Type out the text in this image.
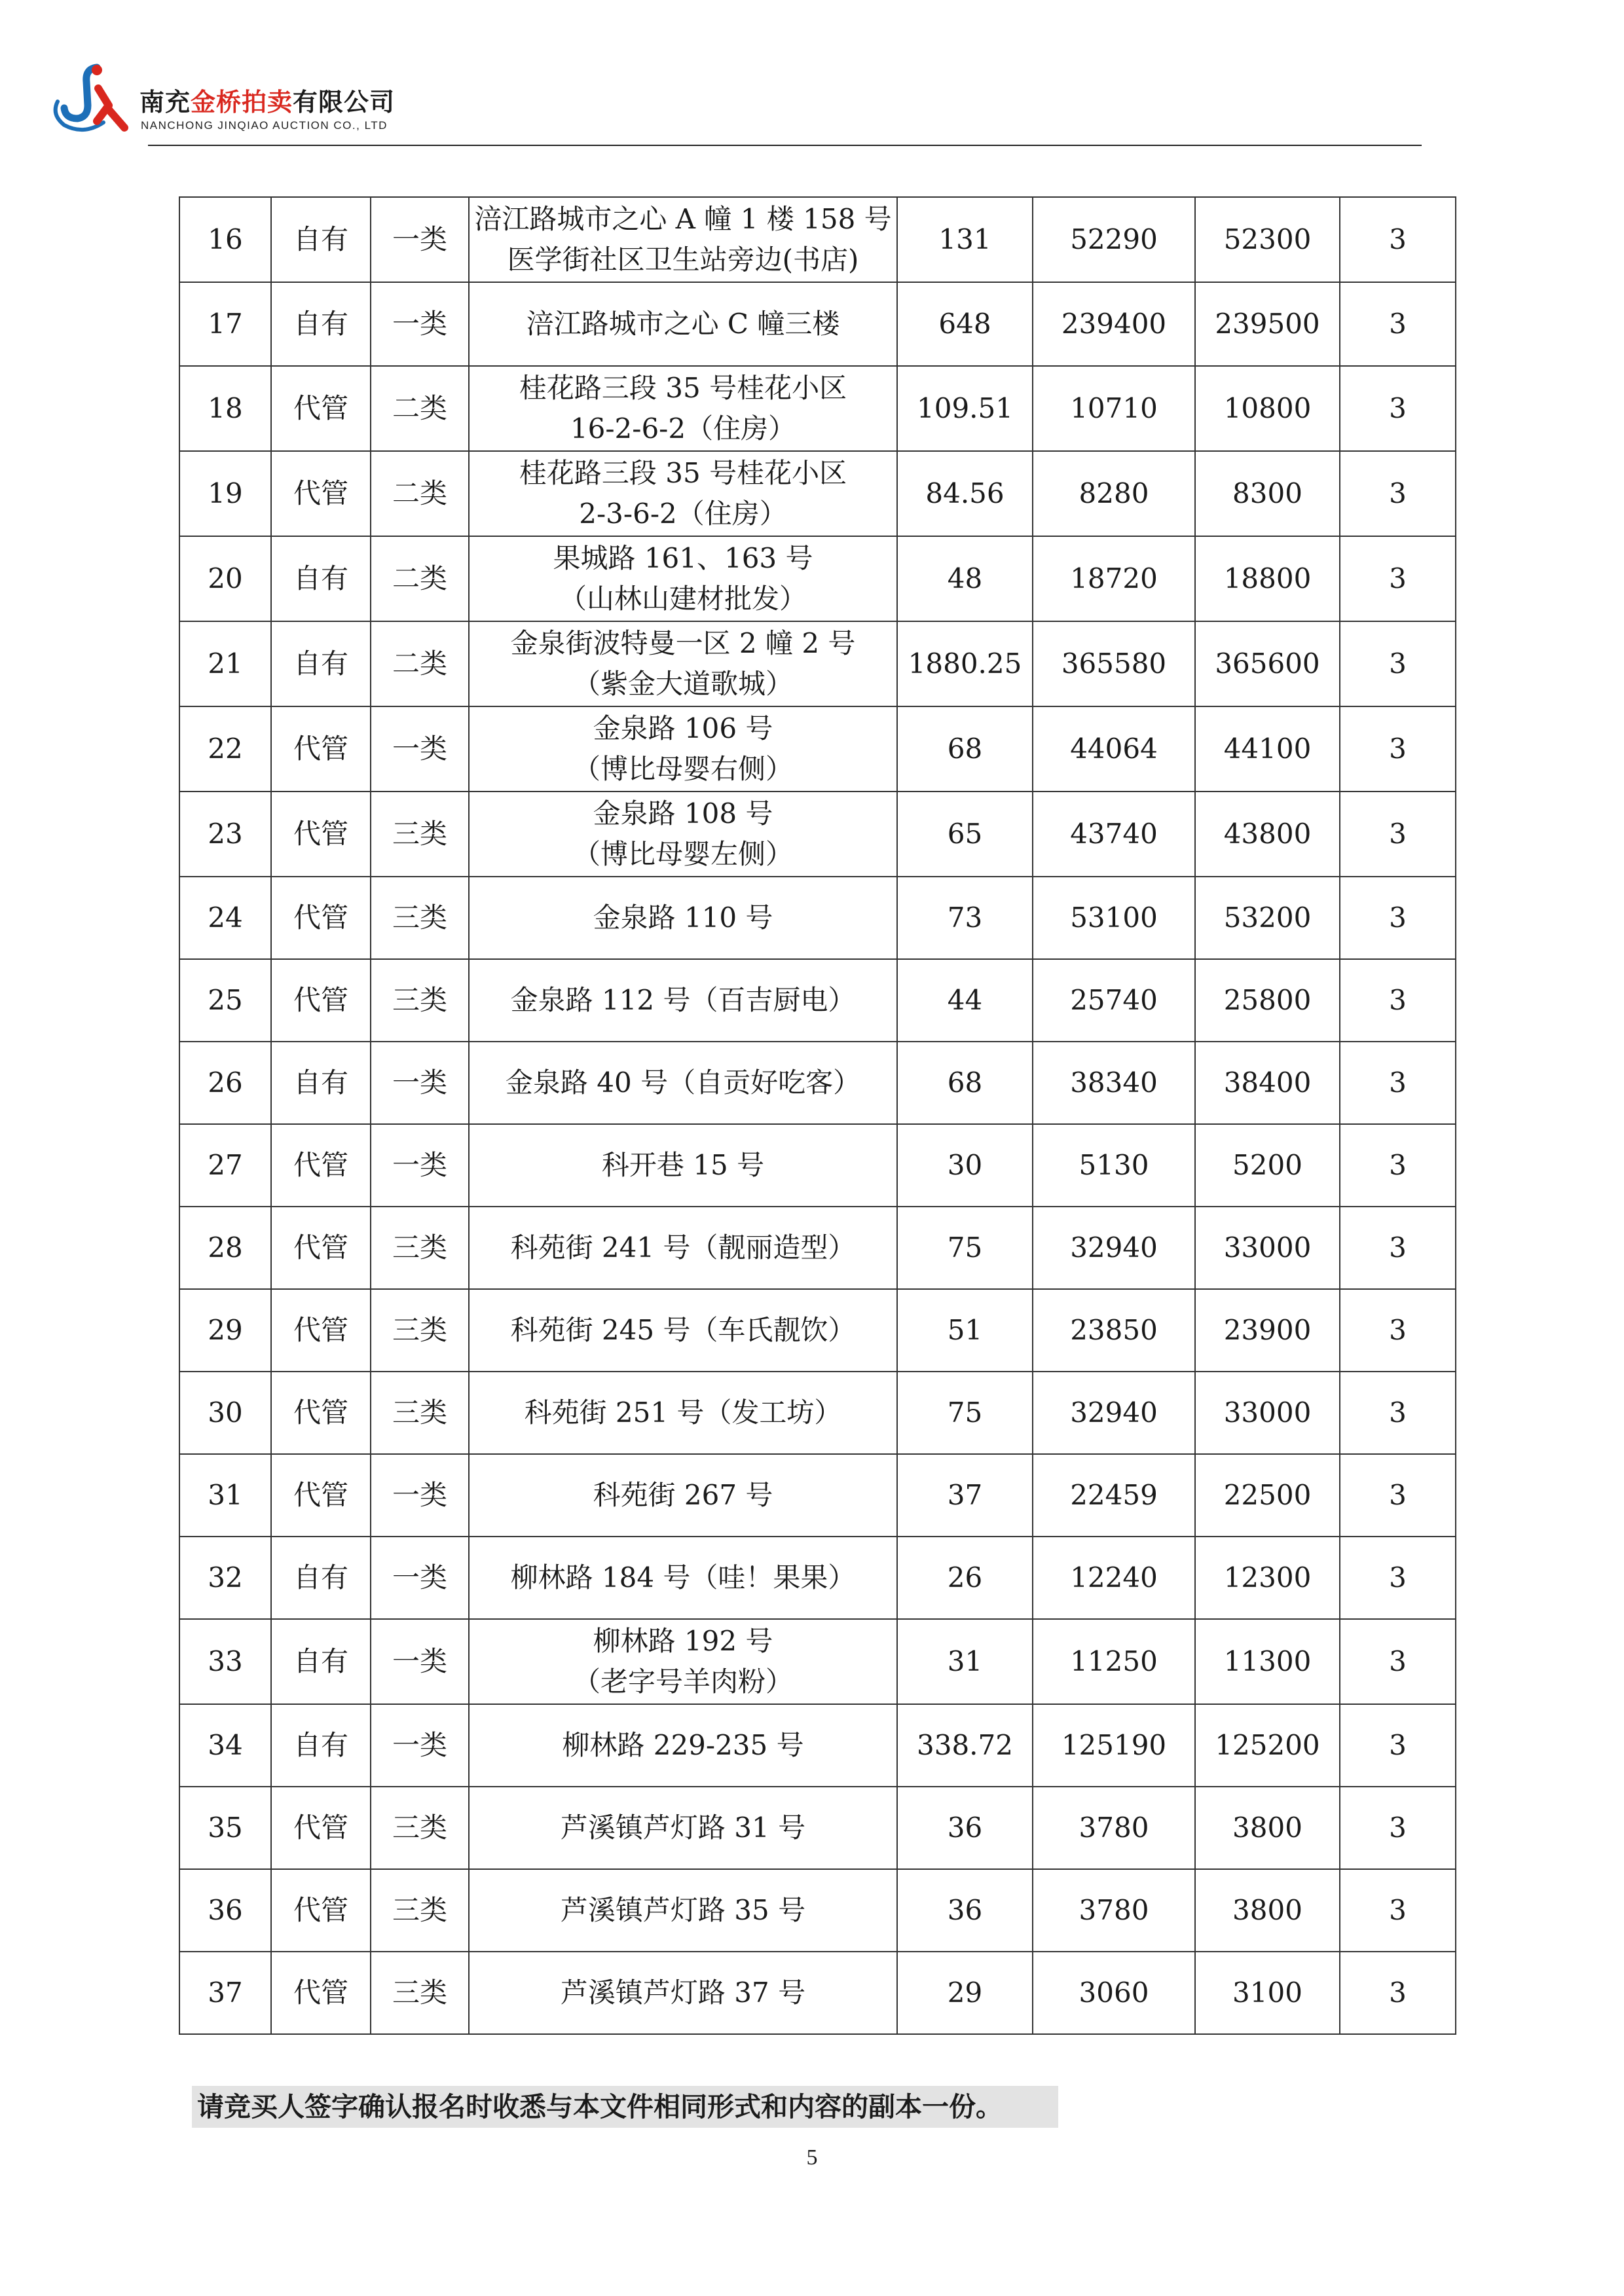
南充金桥拍卖有限公司
NANCHONG JINQIAO AUCTION CO., LTD
16	自有	一类	涪江路城市之心 A 幢 1 楼 158 号
医学街社区卫生站旁边(书店)	131	52290	52300	3
17	自有	一类	涪江路城市之心 C 幢三楼	648	239400	239500	3
18	代管	二类	桂花路三段 35 号桂花小区
16-2-6-2（住房）	109.51	10710	10800	3
19	代管	二类	桂花路三段 35 号桂花小区
2-3-6-2（住房）	84.56	8280	8300	3
20	自有	二类	果城路 161、163 号
（山林山建材批发）	48	18720	18800	3
21	自有	二类	金泉街波特曼一区 2 幢 2 号
（紫金大道歌城）	1880.25	365580	365600	3
22	代管	一类	金泉路 106 号
（博比母婴右侧）	68	44064	44100	3
23	代管	三类	金泉路 108 号
（博比母婴左侧）	65	43740	43800	3
24	代管	三类	金泉路 110 号	73	53100	53200	3
25	代管	三类	金泉路 112 号（百吉厨电）	44	25740	25800	3
26	自有	一类	金泉路 40 号（自贡好吃客）	68	38340	38400	3
27	代管	一类	科开巷 15 号	30	5130	5200	3
28	代管	三类	科苑街 241 号（靓丽造型）	75	32940	33000	3
29	代管	三类	科苑街 245 号（车氏靓饮）	51	23850	23900	3
30	代管	三类	科苑街 251 号（发工坊）	75	32940	33000	3
31	代管	一类	科苑街 267 号	37	22459	22500	3
32	自有	一类	柳林路 184 号（哇！果果）	26	12240	12300	3
33	自有	一类	柳林路 192 号
（老字号羊肉粉）	31	11250	11300	3
34	自有	一类	柳林路 229-235 号	338.72	125190	125200	3
35	代管	三类	芦溪镇芦灯路 31 号	36	3780	3800	3
36	代管	三类	芦溪镇芦灯路 35 号	36	3780	3800	3
37	代管	三类	芦溪镇芦灯路 37 号	29	3060	3100	3
请竞买人签字确认报名时收悉与本文件相同形式和内容的副本一份。
5
